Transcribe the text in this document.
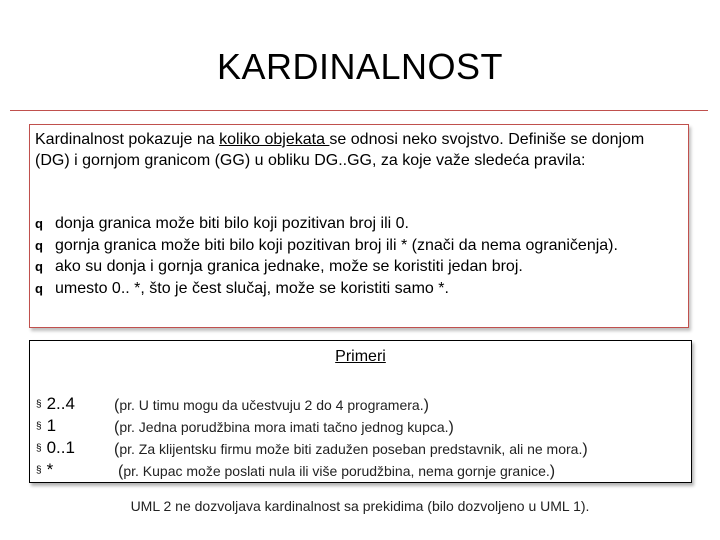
KARDINALNOST
Kardinalnost pokazuje na koliko objekata se odnosi neko svojstvo. Definiše se donjom (DG) i gornjom granicom (GG) u obliku DG..GG, za koje važe sledeća pravila:
q donja granica može biti bilo koji pozitivan broj ili 0.
q gornja granica može biti bilo koji pozitivan broj ili * (znači da nema ograničenja).
q ako su donja i gornja granica jednake, može se koristiti jedan broj.
q umesto 0.. *, što je čest slučaj, može se koristiti samo *.
Primeri
§ 2..4 (pr. U timu mogu da učestvuju 2 do 4 programera.)
§ 1	(pr. Jedna porudžbina mora imati tačno jednog kupca.)
§ 0..1 (pr. Za klijentsku firmu može biti zadužen poseban predstavnik, ali ne mora.)
§ *	(pr. Kupac može poslati nula ili više porudžbina, nema gornje granice.)
UML 2 ne dozvoljava kardinalnost sa prekidima (bilo dozvoljeno u UML 1).
